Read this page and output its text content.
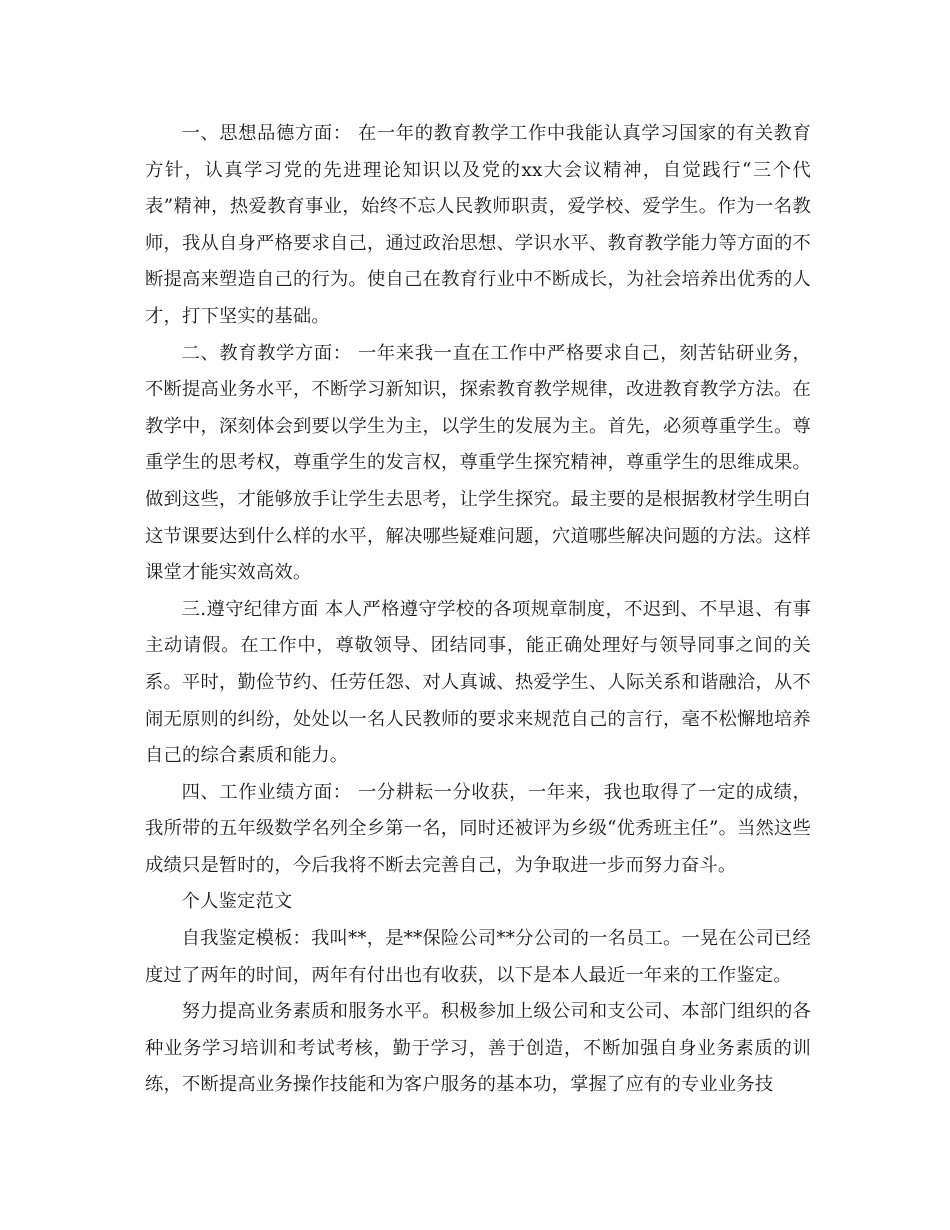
一、思想品德方面： 在一年的教育教学工作中我能认真学习国家的有关教育方针，认真学习党的先进理论知识以及党的xx大会议精神，自觉践行“三个代表”精神，热爱教育事业，始终不忘人民教师职责，爱学校、爱学生。作为一名教师，我从自身严格要求自己，通过政治思想、学识水平、教育教学能力等方面的不断提高来塑造自己的行为。使自己在教育行业中不断成长，为社会培养出优秀的人才，打下坚实的基础。

二、教育教学方面： 一年来我一直在工作中严格要求自己，刻苦钻研业务，不断提高业务水平，不断学习新知识，探索教育教学规律，改进教育教学方法。在教学中，深刻体会到要以学生为主，以学生的发展为主。首先，必须尊重学生。尊重学生的思考权，尊重学生的发言权，尊重学生探究精神，尊重学生的思维成果。做到这些，才能够放手让学生去思考，让学生探究。最主要的是根据教材学生明白这节课要达到什么样的水平，解决哪些疑难问题，穴道哪些解决问题的方法。这样课堂才能实效高效。

三.遵守纪律方面 本人严格遵守学校的各项规章制度，不迟到、不早退、有事主动请假。在工作中，尊敬领导、团结同事，能正确处理好与领导同事之间的关系。平时，勤俭节约、任劳任怨、对人真诚、热爱学生、人际关系和谐融洽，从不闹无原则的纠纷，处处以一名人民教师的要求来规范自己的言行，毫不松懈地培养自己的综合素质和能力。

四、工作业绩方面： 一分耕耘一分收获，一年来，我也取得了一定的成绩，我所带的五年级数学名列全乡第一名，同时还被评为乡级“优秀班主任”。当然这些成绩只是暂时的，今后我将不断去完善自己，为争取进一步而努力奋斗。

个人鉴定范文

自我鉴定模板：我叫**，是**保险公司**分公司的一名员工。一晃在公司已经度过了两年的时间，两年有付出也有收获，以下是本人最近一年来的工作鉴定。

努力提高业务素质和服务水平。积极参加上级公司和支公司、本部门组织的各种业务学习培训和考试考核，勤于学习，善于创造，不断加强自身业务素质的训练，不断提高业务操作技能和为客户服务的基本功，掌握了应有的专业业务技
